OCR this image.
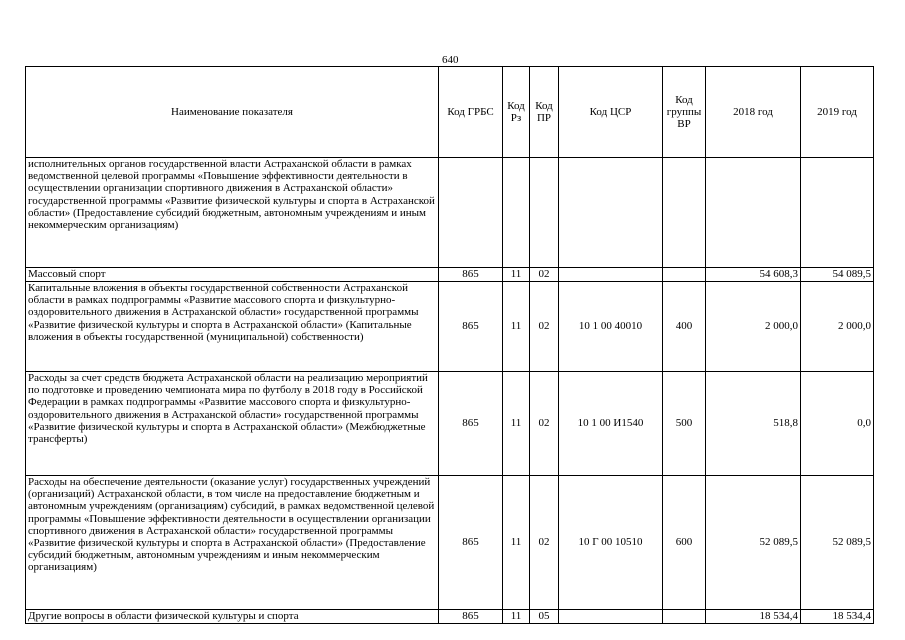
640
Наименование показателя	Код ГРБС	Код Рз	Код ПР	Код ЦСР	Код группы ВР	2018 год	2019 год
исполнительных органов государственной власти Астраханской области в рамках ведомственной целевой программы «Повышение эффективности деятельности в осуществлении организации спортивного движения в Астраханской области» государственной программы «Развитие физической культуры и спорта в Астраханской области» (Предоставление субсидий бюджетным, автономным учреждениям и иным некоммерческим организациям)							
Массовый спорт	865	11	02			54 608,3	54 089,5
Капитальные вложения в объекты государственной собственности Астраханской области в рамках подпрограммы «Развитие массового спорта и физкультурно-оздоровительного движения в Астраханской области» государственной программы «Развитие физической культуры и спорта в Астраханской области» (Капитальные вложения в объекты государственной (муниципальной) собственности)	865	11	02	10 1 00 40010	400	2 000,0	2 000,0
Расходы за счет средств бюджета Астраханской области на реализацию мероприятий по подготовке и проведению чемпионата мира по футболу в 2018 году в Российской Федерации в рамках подпрограммы «Развитие массового спорта и физкультурно-оздоровительного движения в Астраханской области» государственной программы «Развитие физической культуры и спорта в Астраханской области» (Межбюджетные трансферты)	865	11	02	10 1 00 И1540	500	518,8	0,0
Расходы на обеспечение деятельности (оказание услуг) государственных учреждений (организаций) Астраханской области, в том числе на предоставление бюджетным и автономным учреждениям (организациям) субсидий, в рамках ведомственной целевой программы «Повышение эффективности деятельности в осуществлении организации спортивного движения в Астраханской области» государственной программы «Развитие физической культуры и спорта в Астраханской области» (Предоставление субсидий бюджетным, автономным учреждениям и иным некоммерческим организациям)	865	11	02	10 Г 00 10510	600	52 089,5	52 089,5
Другие вопросы в области физической культуры и спорта	865	11	05			18 534,4	18 534,4
